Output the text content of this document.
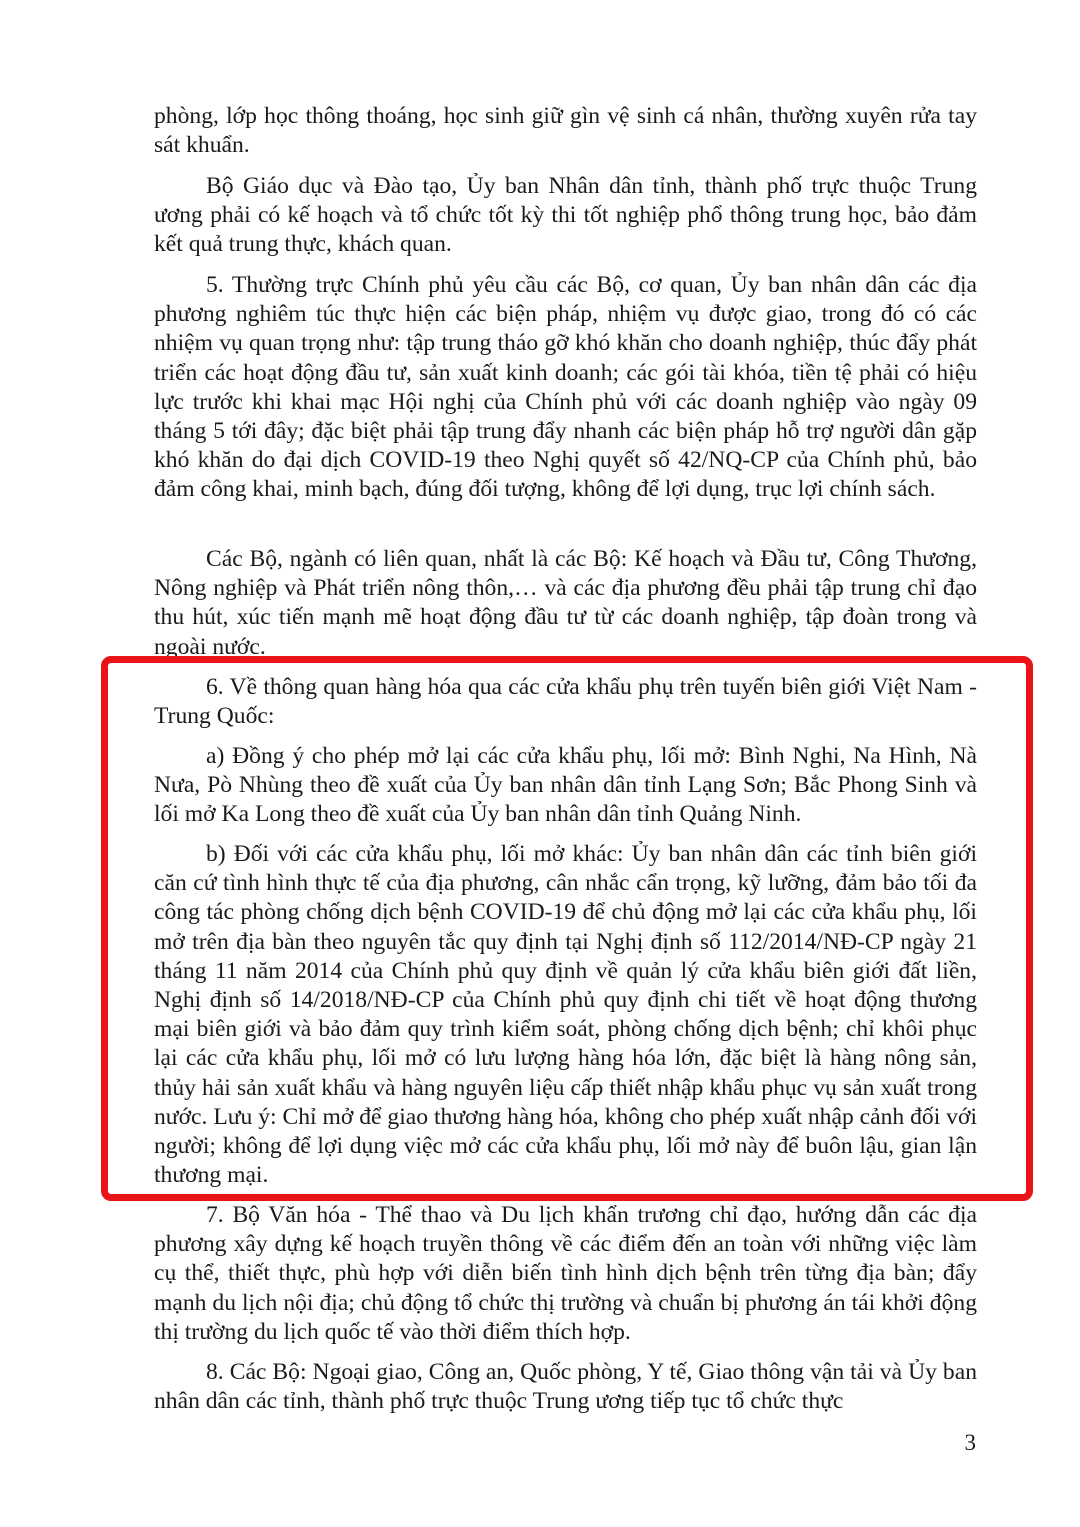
phòng, lớp học thông thoáng, học sinh giữ gìn vệ sinh cá nhân, thường xuyên rửa tay sát khuẩn.

Bộ Giáo dục và Đào tạo, Ủy ban Nhân dân tỉnh, thành phố trực thuộc Trung ương phải có kế hoạch và tổ chức tốt kỳ thi tốt nghiệp phổ thông trung học, bảo đảm kết quả trung thực, khách quan.

5. Thường trực Chính phủ yêu cầu các Bộ, cơ quan, Ủy ban nhân dân các địa phương nghiêm túc thực hiện các biện pháp, nhiệm vụ được giao, trong đó có các nhiệm vụ quan trọng như: tập trung tháo gỡ khó khăn cho doanh nghiệp, thúc đẩy phát triển các hoạt động đầu tư, sản xuất kinh doanh; các gói tài khóa, tiền tệ phải có hiệu lực trước khi khai mạc Hội nghị của Chính phủ với các doanh nghiệp vào ngày 09 tháng 5 tới đây; đặc biệt phải tập trung đẩy nhanh các biện pháp hỗ trợ người dân gặp khó khăn do đại dịch COVID-19 theo Nghị quyết số 42/NQ-CP của Chính phủ, bảo đảm công khai, minh bạch, đúng đối tượng, không để lợi dụng, trục lợi chính sách.

Các Bộ, ngành có liên quan, nhất là các Bộ: Kế hoạch và Đầu tư, Công Thương, Nông nghiệp và Phát triển nông thôn,… và các địa phương đều phải tập trung chỉ đạo thu hút, xúc tiến mạnh mẽ hoạt động đầu tư từ các doanh nghiệp, tập đoàn trong và ngoài nước.

6. Về thông quan hàng hóa qua các cửa khẩu phụ trên tuyến biên giới Việt Nam - Trung Quốc:

a) Đồng ý cho phép mở lại các cửa khẩu phụ, lối mở: Bình Nghi, Na Hình, Nà Nưa, Pò Nhùng theo đề xuất của Ủy ban nhân dân tỉnh Lạng Sơn; Bắc Phong Sinh và lối mở Ka Long theo đề xuất của Ủy ban nhân dân tỉnh Quảng Ninh.

b) Đối với các cửa khẩu phụ, lối mở khác: Ủy ban nhân dân các tỉnh biên giới căn cứ tình hình thực tế của địa phương, cân nhắc cẩn trọng, kỹ lưỡng, đảm bảo tối đa công tác phòng chống dịch bệnh COVID-19 để chủ động mở lại các cửa khẩu phụ, lối mở trên địa bàn theo nguyên tắc quy định tại Nghị định số 112/2014/NĐ-CP ngày 21 tháng 11 năm 2014 của Chính phủ quy định về quản lý cửa khẩu biên giới đất liền, Nghị định số 14/2018/NĐ-CP của Chính phủ quy định chi tiết về hoạt động thương mại biên giới và bảo đảm quy trình kiểm soát, phòng chống dịch bệnh; chỉ khôi phục lại các cửa khẩu phụ, lối mở có lưu lượng hàng hóa lớn, đặc biệt là hàng nông sản, thủy hải sản xuất khẩu và hàng nguyên liệu cấp thiết nhập khẩu phục vụ sản xuất trong nước. Lưu ý: Chỉ mở để giao thương hàng hóa, không cho phép xuất nhập cảnh đối với người; không để lợi dụng việc mở các cửa khẩu phụ, lối mở này để buôn lậu, gian lận thương mại.

7. Bộ Văn hóa - Thể thao và Du lịch khẩn trương chỉ đạo, hướng dẫn các địa phương xây dựng kế hoạch truyền thông về các điểm đến an toàn với những việc làm cụ thể, thiết thực, phù hợp với diễn biến tình hình dịch bệnh trên từng địa bàn; đẩy mạnh du lịch nội địa; chủ động tổ chức thị trường và chuẩn bị phương án tái khởi động thị trường du lịch quốc tế vào thời điểm thích hợp.

8. Các Bộ: Ngoại giao, Công an, Quốc phòng, Y tế, Giao thông vận tải và Ủy ban nhân dân các tỉnh, thành phố trực thuộc Trung ương tiếp tục tổ chức thực

3
